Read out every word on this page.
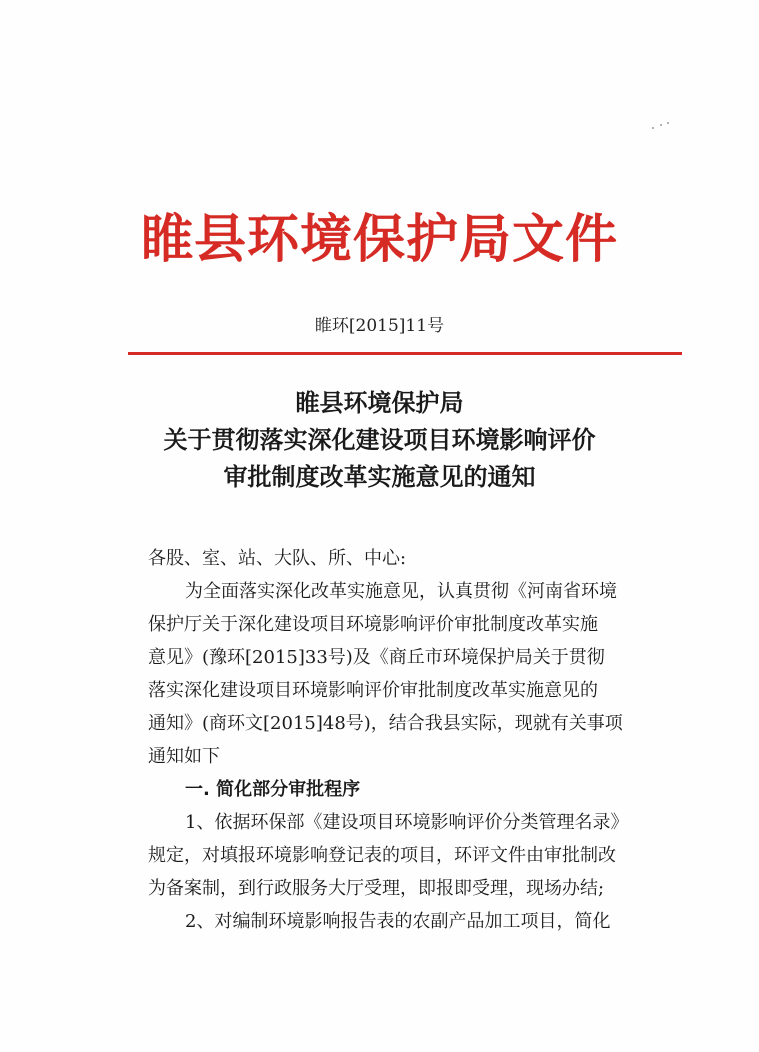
睢县环境保护局文件
睢环[2015]11号
睢县环境保护局
关于贯彻落实深化建设项目环境影响评价
审批制度改革实施意见的通知
各股、室、站、大队、所、中心:
为全面落实深化改革实施意见，认真贯彻《河南省环境
保护厅关于深化建设项目环境影响评价审批制度改革实施
意见》(豫环[2015]33号)及《商丘市环境保护局关于贯彻
落实深化建设项目环境影响评价审批制度改革实施意见的
通知》(商环文[2015]48号)，结合我县实际，现就有关事项
通知如下
一. 简化部分审批程序
1、依据环保部《建设项目环境影响评价分类管理名录》
规定，对填报环境影响登记表的项目，环评文件由审批制改
为备案制，到行政服务大厅受理，即报即受理，现场办结;
2、对编制环境影响报告表的农副产品加工项目，简化
